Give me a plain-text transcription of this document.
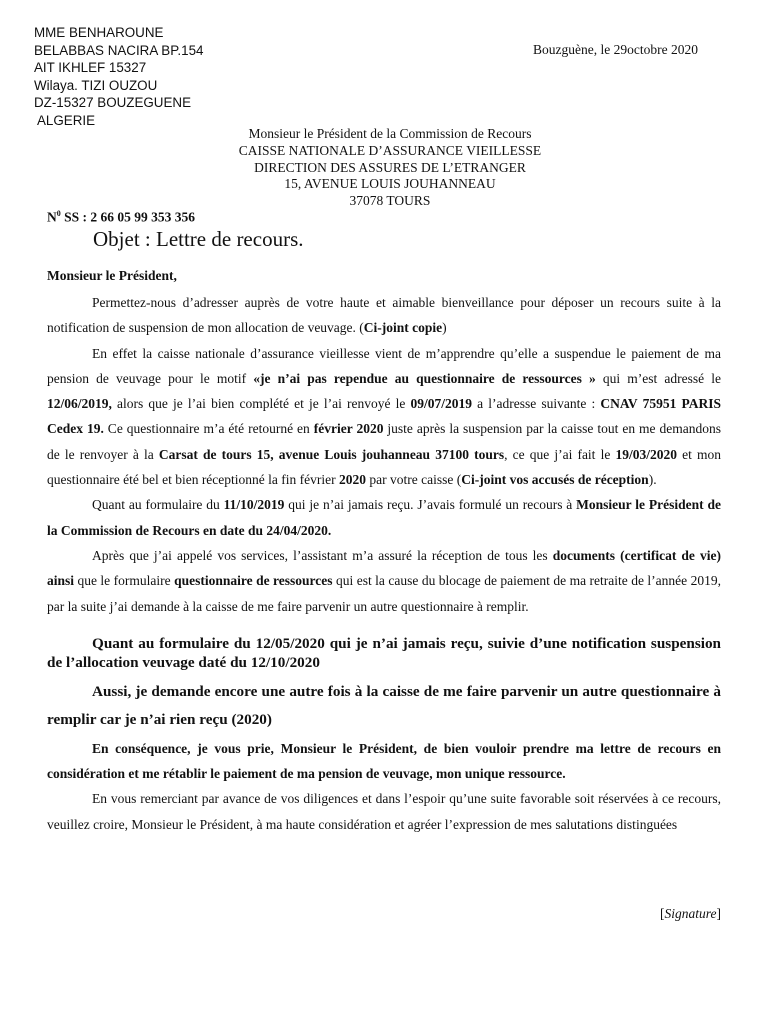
MME BENHAROUNE
BELABBAS NACIRA BP.154
AIT IKHLEF 15327
Wilaya. TIZI OUZOU
DZ-15327 BOUZEGUENE
ALGERIE
Bouzguène, le 29octobre 2020
Monsieur le Président de la Commission de Recours
CAISSE NATIONALE D’ASSURANCE VIEILLESSE
DIRECTION DES ASSURES DE L’ETRANGER
15, AVENUE LOUIS JOUHANNEAU
37078 TOURS
$N^0$ SS : 2 66 05 99 353 356
Objet : Lettre de recours.
Monsieur le Président,

Permettez-nous d’adresser auprès de votre haute et aimable bienveillance pour déposer un recours suite à la notification de suspension de mon allocation de veuvage. (Ci-joint copie)

En effet la caisse nationale d’assurance vieillesse vient de m’apprendre qu’elle a suspendue le paiement de ma pension de veuvage pour le motif «je n’ai pas rependue au questionnaire de ressources » qui m’est adressé le 12/06/2019, alors que je l’ai bien complété et je l’ai renvoyé le 09/07/2019 a l’adresse suivante : CNAV 75951 PARIS Cedex 19. Ce questionnaire m’a été retourné en février 2020 juste après la suspension par la caisse tout en me demandons de le renvoyer à la Carsat de tours 15, avenue Louis jouhanneau 37100 tours, ce que j’ai fait le 19/03/2020 et mon questionnaire été bel et bien réceptionné la fin février 2020 par votre caisse (Ci-joint vos accusés de réception).

Quant au formulaire du 11/10/2019 qui je n’ai jamais reçu. J’avais formulé un recours à Monsieur le Président de la Commission de Recours en date du 24/04/2020.

Après que j’ai appelé vos services, l’assistant m’a assuré la réception de tous les documents (certificat de vie) ainsi que le formulaire questionnaire de ressources qui est la cause du blocage de paiement de ma retraite de l’année 2019, par la suite j’ai demande à la caisse de me faire parvenir un autre questionnaire à remplir.

Quant au formulaire du 12/05/2020 qui je n’ai jamais reçu, suivie d’une notification suspension de l’allocation veuvage daté du 12/10/2020

Aussi, je demande encore une autre fois à la caisse de me faire parvenir un autre questionnaire à remplir car je n’ai rien reçu (2020)

En conséquence, je vous prie, Monsieur le Président, de bien vouloir prendre ma lettre de recours en considération et me rétablir le paiement de ma pension de veuvage, mon unique ressource.

En vous remerciant par avance de vos diligences et dans l’espoir qu’une suite favorable soit réservées à ce recours, veuillez croire, Monsieur le Président, à ma haute considération et agréer l’expression de mes salutations distinguées

[Signature]
